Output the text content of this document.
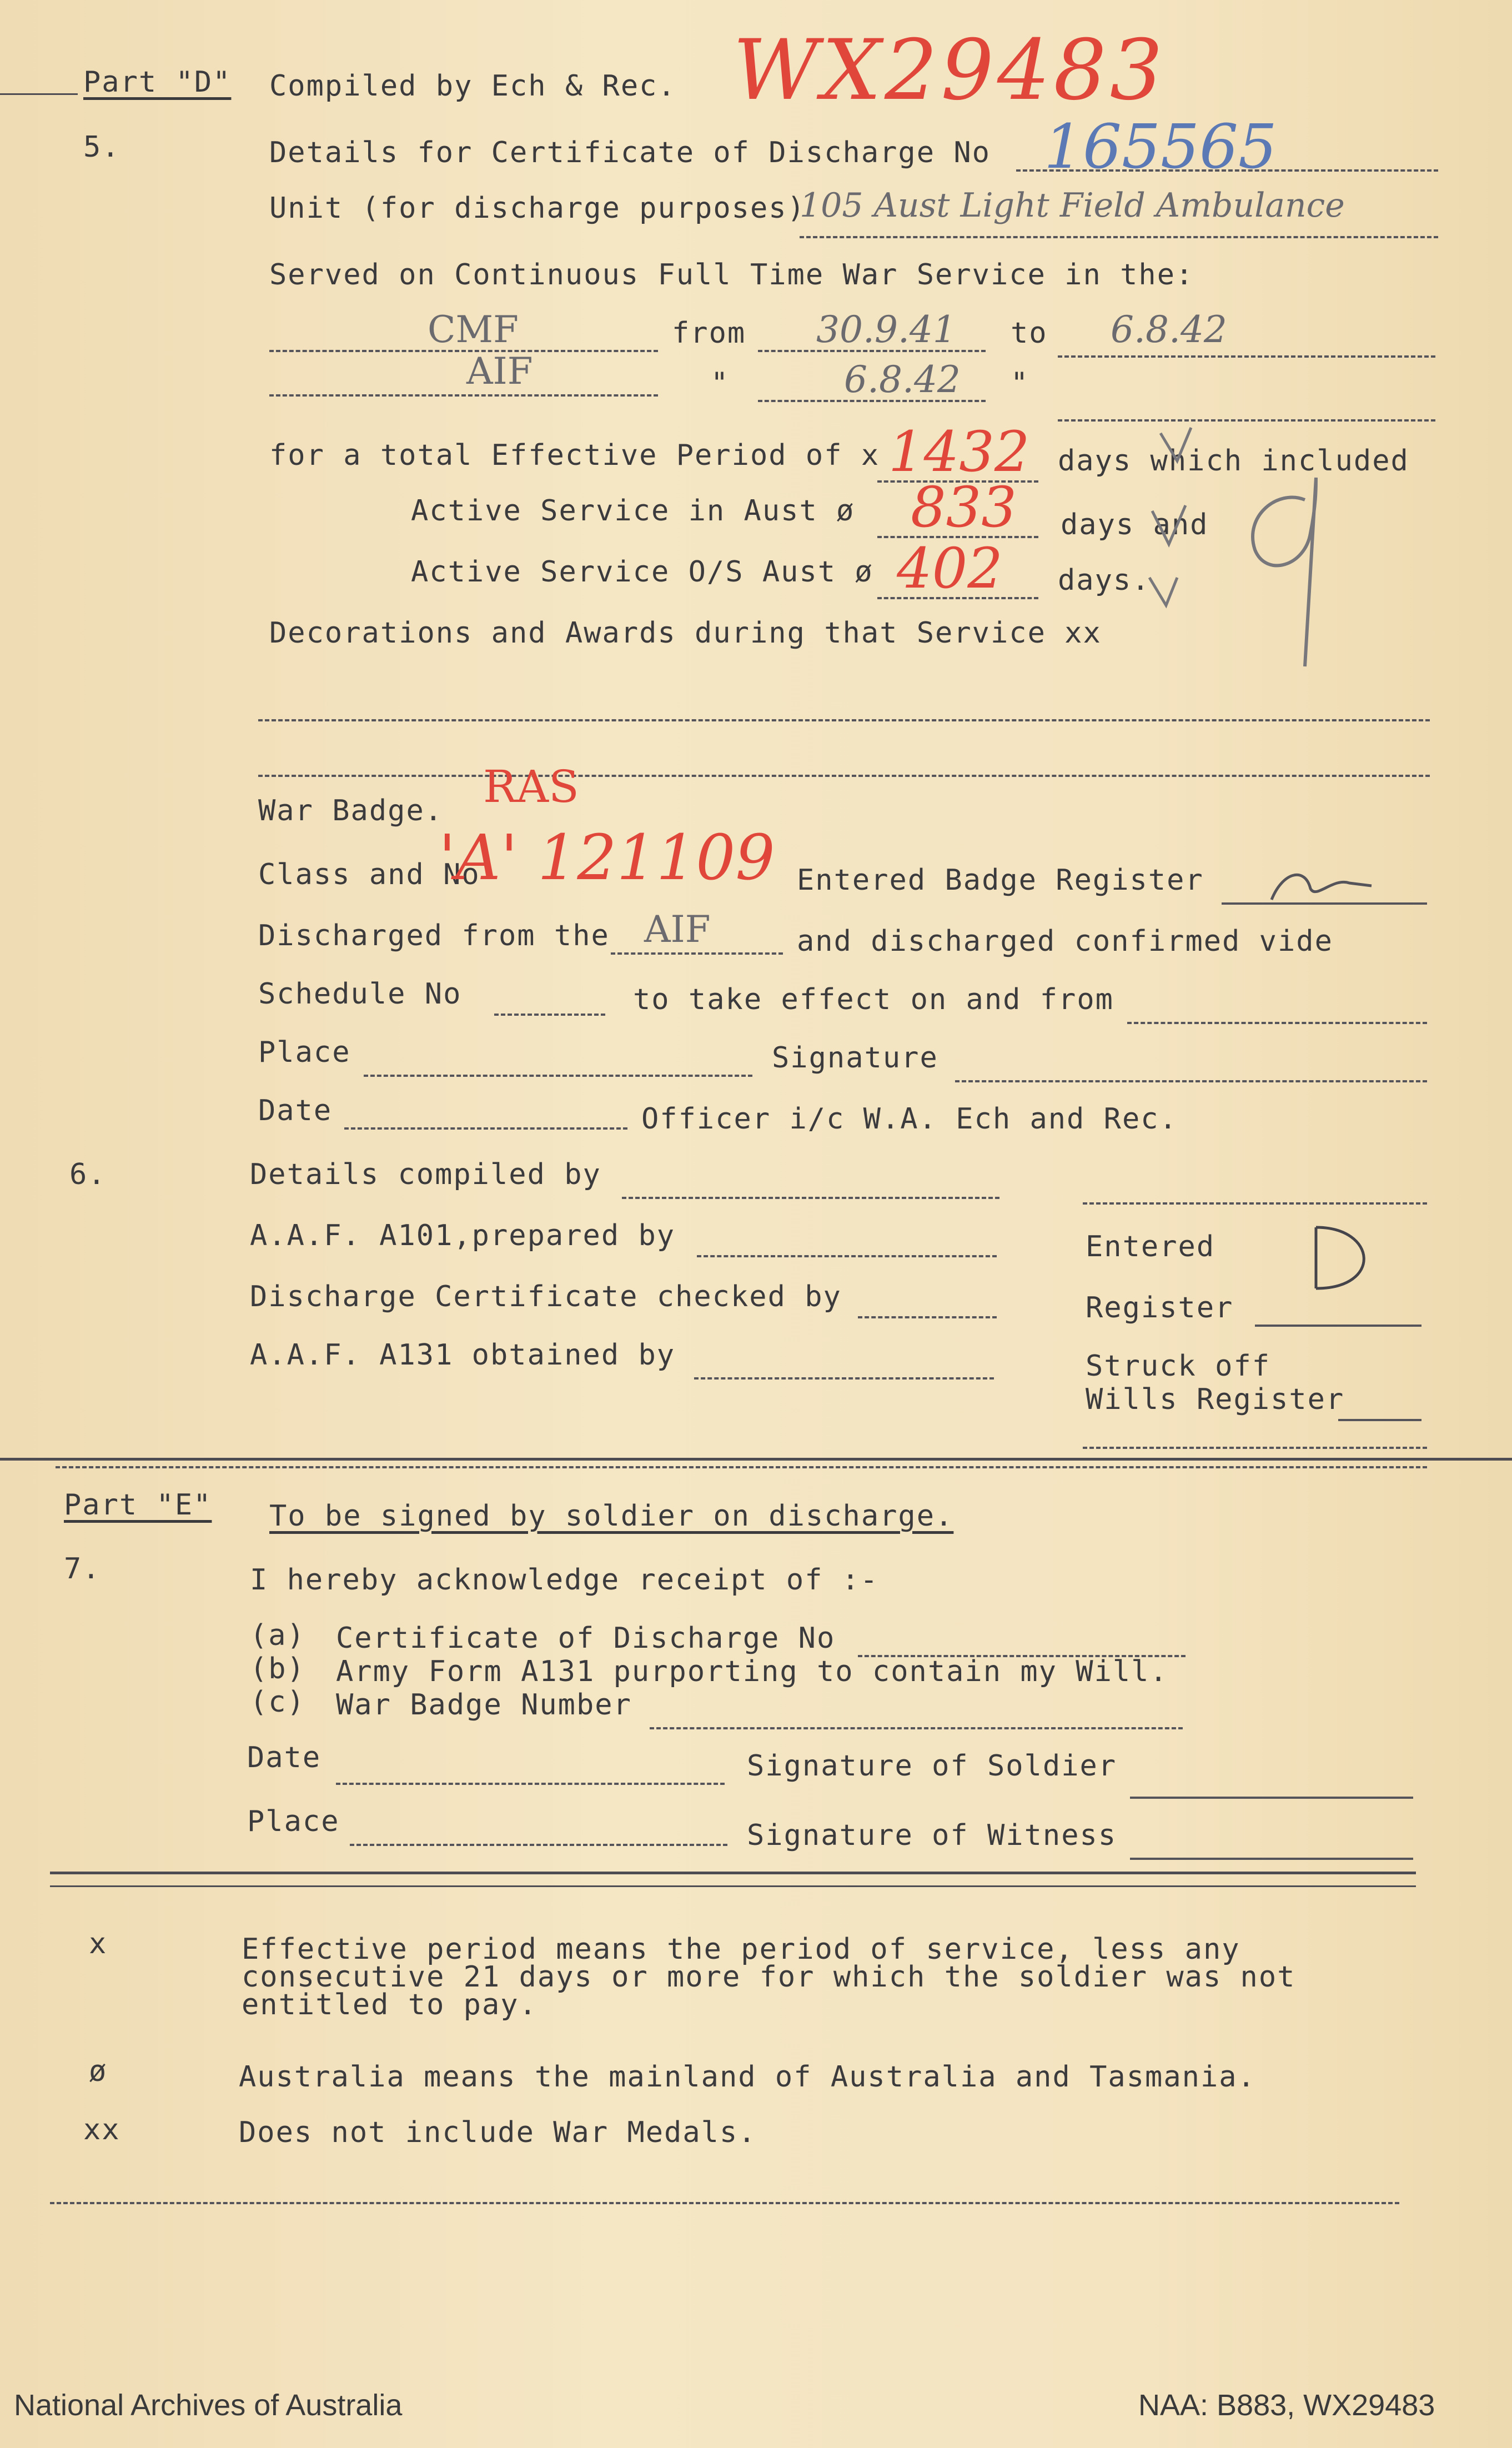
Part "D" Compiled by Ech & Rec. WX29483
5.	Details for Certificate of Discharge No 165565
Unit (for discharge purposes)
105 Aust Light Field Ambulance
Served on Continuous Full Time War Service in the:
CMF	from 30.9.41 to 6.8.42
AIF	"	6.8.42 "
for a total Effective Period of x 1432 days which included
Active Service in Aust ø 833 days and
Active Service O/S Aust ø 402 days.
Decorations and Awards during that Service xx
War Badge. RAS
Class and No
'A' 121109 Entered Badge Register
Discharged from the AIF	and discharged confirmed vide
Schedule No	to take effect on and from
Place	Signature
Date	Officer i/c W.A. Ech and Rec.
6.	Details compiled by
A.A.F. A101,prepared by	Entered
Discharge Certificate checked by	Register
A.A.F. A131 obtained by	Struck off
Wills Register
Part "E" To be signed by soldier on discharge.
7.	I hereby acknowledge receipt of :-
(a) Certificate of Discharge No
(b) Army Form A131 purporting to contain my Will.
(c) War Badge Number
Date	Signature of Soldier
Place	Signature of Witness
x	Effective period means the period of service, less any
consecutive 21 days or more for which the soldier was not
entitled to pay.
ø	Australia means the mainland of Australia and Tasmania.
xx	Does not include War Medals.
National Archives of Australia	NAA: B883, WX29483
